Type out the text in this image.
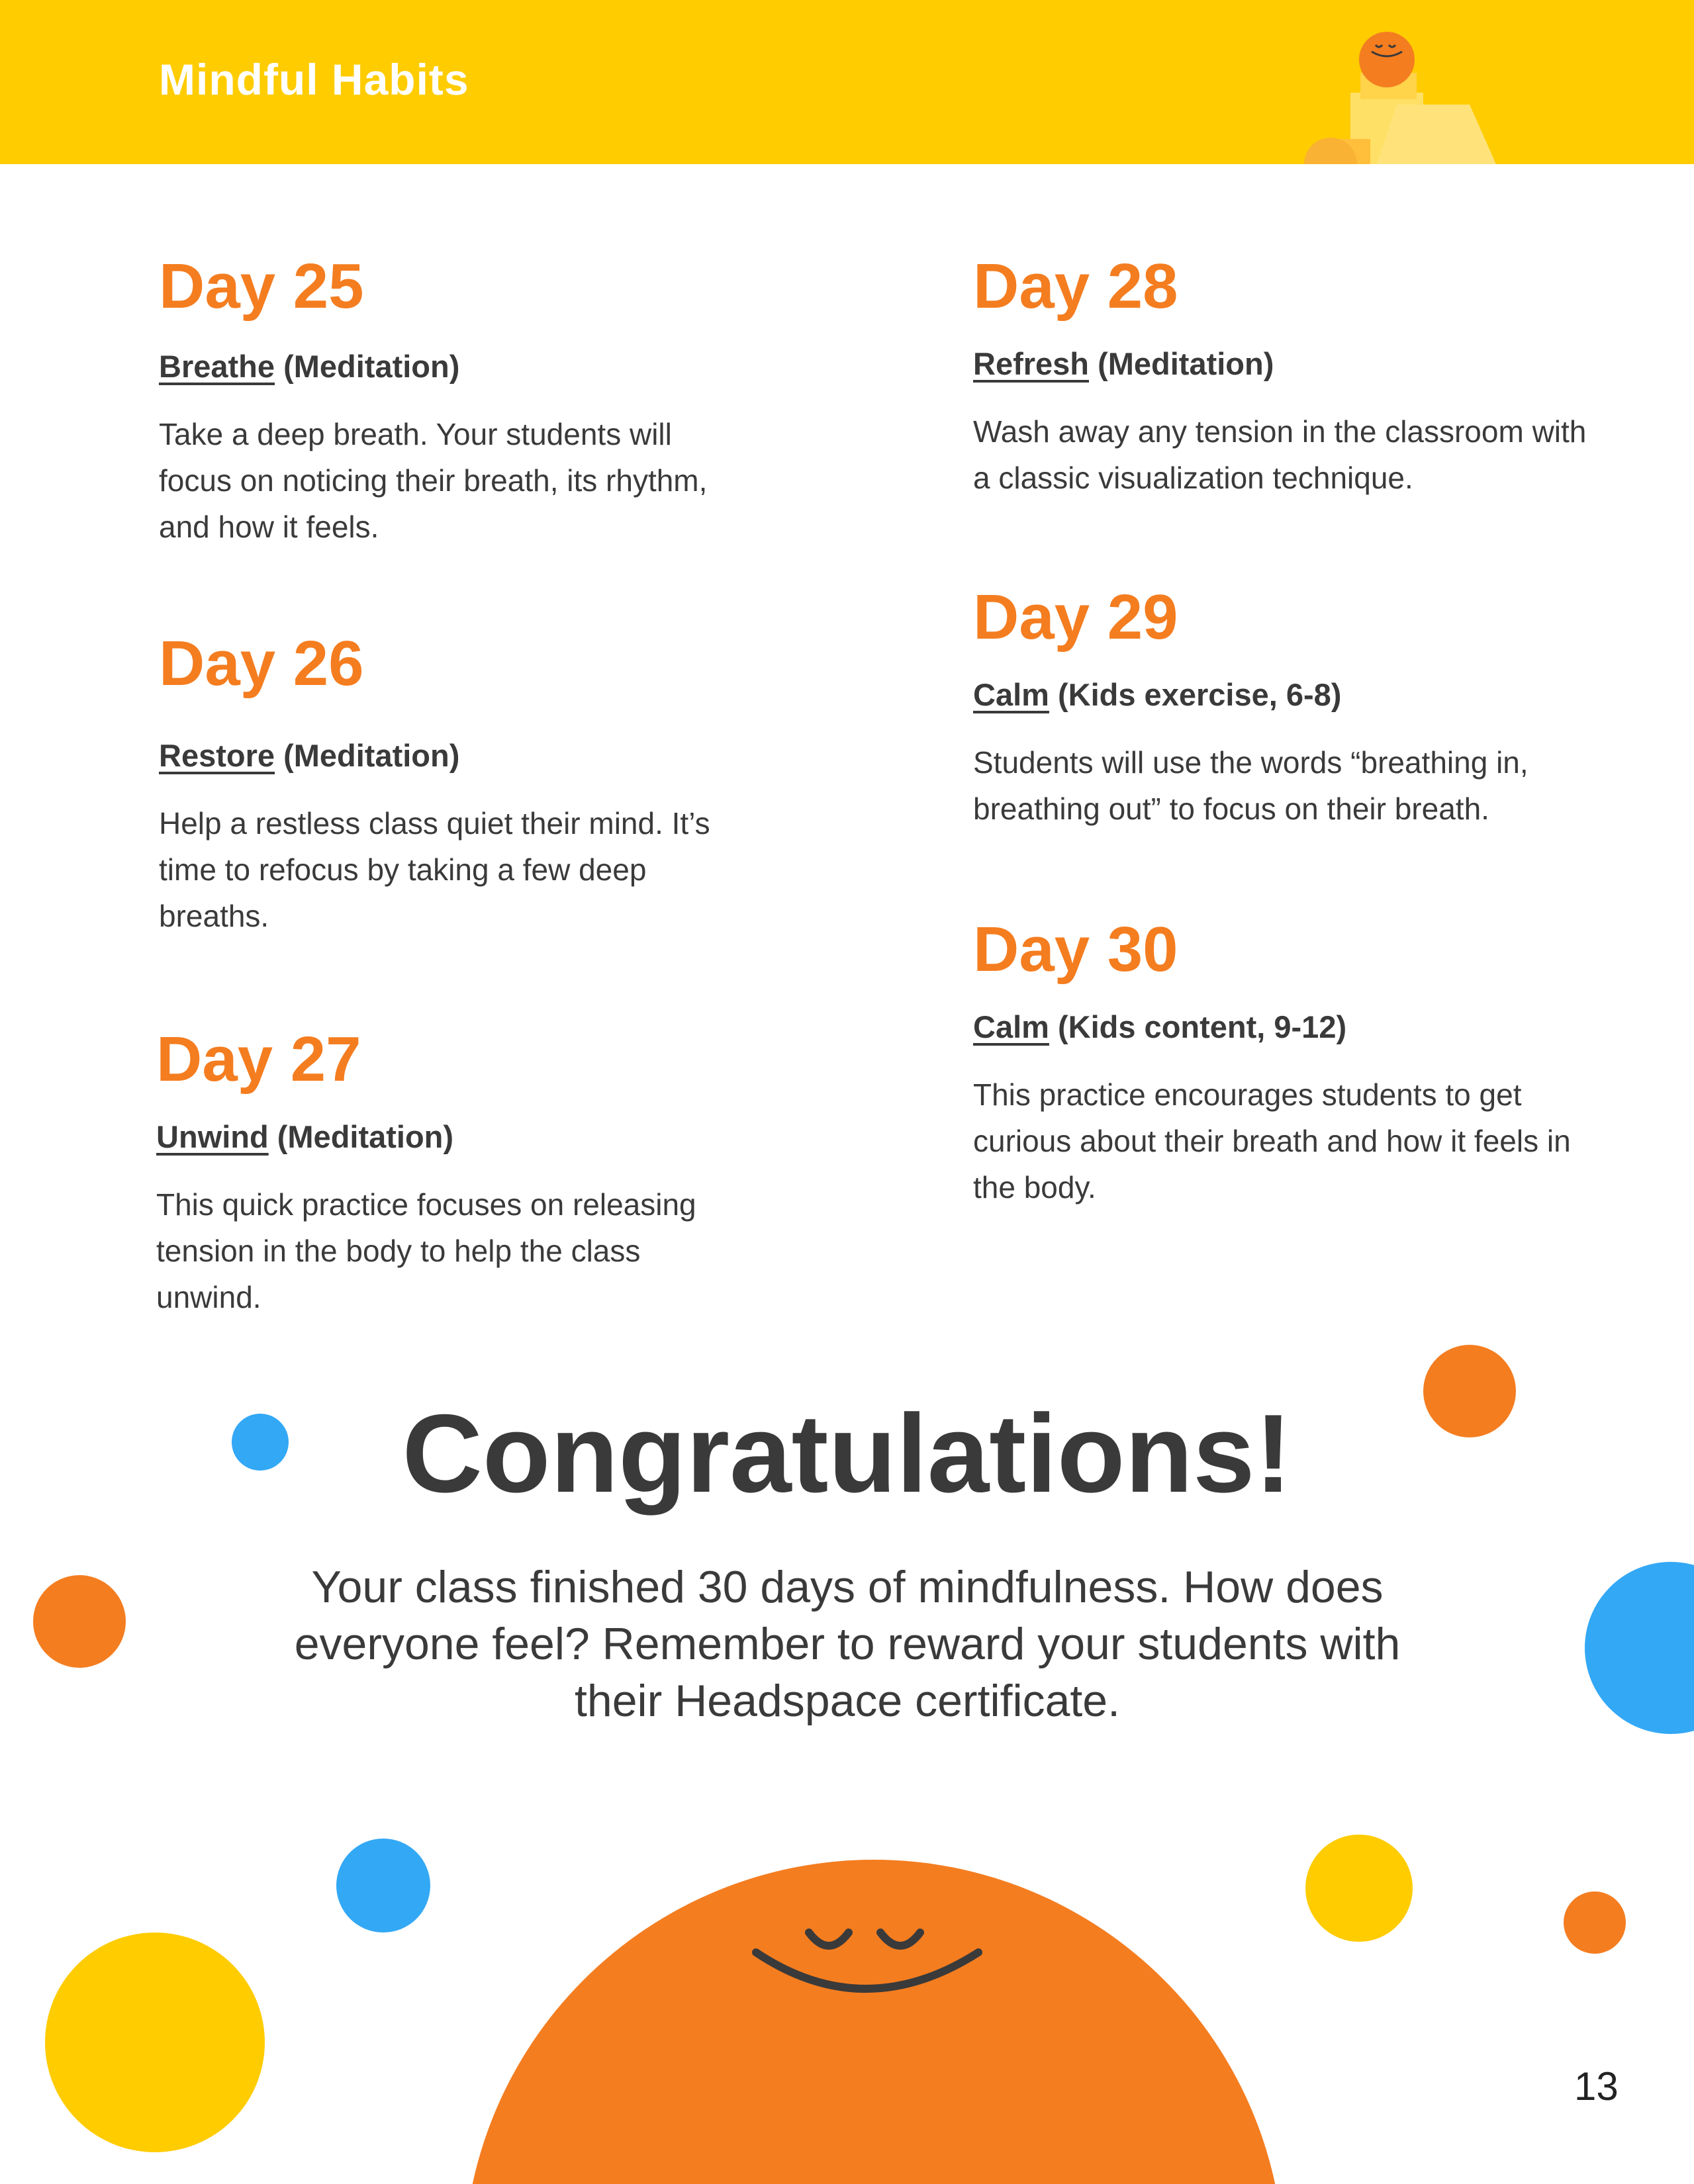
Mindful Habits
Day 25
Breathe (Meditation)

Take a deep breath. Your students will focus on noticing their breath, its rhythm, and how it feels.

Day 26
Restore (Meditation)

Help a restless class quiet their mind. It’s time to refocus by taking a few deep breaths.

Day 27
Unwind (Meditation)

This quick practice focuses on releasing tension in the body to help the class unwind.

Day 28
Refresh (Meditation)

Wash away any tension in the classroom with a classic visualization technique.

Day 29
Calm (Kids exercise, 6-8)

Students will use the words “breathing in, breathing out” to focus on their breath.

Day 30
Calm (Kids content, 9-12)

This practice encourages students to get curious about their breath and how it feels in the body.

Congratulations!

Your class finished 30 days of mindfulness. How does everyone feel? Remember to reward your students with their Headspace certificate.

13
